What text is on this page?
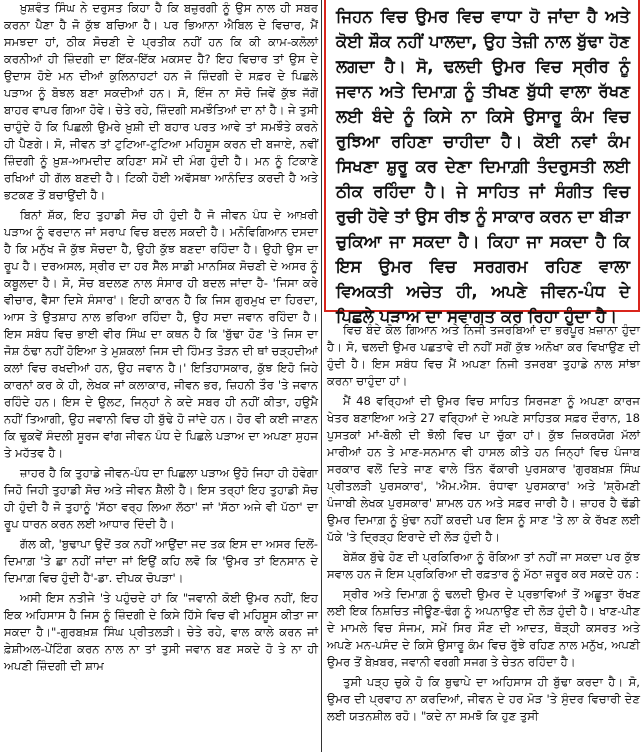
ਖ਼ੁਸ਼ਵੰਤ ਸਿੰਘ ਨੇ ਦਰੁਸਤ ਕਿਹਾ ਹੈ ਕਿ ਬਜ਼ੁਰਗੀ ਨੂੰ ਉਸ ਨਾਲ ਹੀ ਸਬਰ ਕਰਨਾ ਪੈਣਾ ਹੈ ਜੋ ਕੁੱਝ ਬਚਿਆ ਹੈ। ਪਰ ਭਿਆਨਾ ਐਬਿਲ ਦੇ ਵਿਚਾਰ, ਮੈਂ ਸਮਝਦਾ ਹਾਂ, ਠੀਕ ਸੋਚਣੀ ਦੇ ਪ੍ਰਤੀਕ ਨਹੀਂ ਹਨ ਕਿ ਕੀ ਕਾਮ-ਕਲੋਲਾਂ ਕਰਨੀਆਂ ਹੀ ਜ਼ਿੰਦਗੀ ਦਾ ਇੱਕ-ਇੱਕ ਮਕਸਦ ਹੈ? ਇਹ ਵਿਚਾਰ ਤਾਂ ਉਸ ਦੇ ਉਦਾਸ ਹੋਏ ਮਨ ਦੀਆਂ ਕੁਲਿਨਾਹਟਾਂ ਹਨ ਜੋ ਜ਼ਿੰਦਗੀ ਦੇ ਸਫ਼ਰ ਦੇ ਪਿਛਲੇ ਪੜਾਅ ਨੂੰ ਬੋਝਲ ਬਣਾ ਸਕਦੀਆਂ ਹਨ। ਸੋ, ਇੰਜ ਨਾ ਸੋਚੋ ਜਿਵੇਂ ਕੁੱਝ ਜੱਗੋਂ ਬਾਹਰ ਵਾਪਰ ਗਿਆ ਹੋਵੇ। ਚੇਤੇ ਰਹੇ, ਜ਼ਿੰਦਗੀ ਸਮਝੌਤਿਆਂ ਦਾ ਨਾਂ ਹੈ। ਜੇ ਤੁਸੀ ਚਾਹੁੰਦੇ ਹੋ ਕਿ ਪਿਛਲੀ ਉਮਰੇ ਖ਼ੁਸ਼ੀ ਦੀ ਬਹਾਰ ਪਰਤ ਆਵੇ ਤਾਂ ਸਮਝੌਤੇ ਕਰਨੇ ਹੀ ਪੈਣਗੇ। ਸੋ, ਜੀਵਨ ਤਾਂ ਟੁਟਿਆ-ਟੁਟਿਆ ਮਹਿਸੂਸ ਕਰਨ ਦੀ ਬਜਾਏ, ਨਵੀਂ ਜ਼ਿੰਦਗੀ ਨੂੰ ਖ਼ੁਸ਼-ਆਮਦੀਦ ਕਹਿਣਾ ਸਮੇਂ ਦੀ ਮੰਗ ਹੁੰਦੀ ਹੈ। ਮਨ ਨੂੰ ਟਿਕਾਣੇ ਰਖਿਆਂ ਹੀ ਗੱਲ ਬਣਦੀ ਹੈ। ਟਿਕੀ ਹੋਈ ਅਵੱਸਥਾ ਆਨੰਦਿਤ ਕਰਦੀ ਹੈ ਅਤੇ ਭਟਕਣ ਤੋਂ ਬਚਾਉਂਦੀ ਹੈ।

ਬਿਨਾਂ ਸ਼ੱਕ, ਇਹ ਤੁਹਾਡੀ ਸੋਚ ਹੀ ਹੁੰਦੀ ਹੈ ਜੋ ਜੀਵਨ ਪੰਧ ਦੇ ਆਖ਼ਰੀ ਪੜਾਅ ਨੂੰ ਵਰਦਾਨ ਜਾਂ ਸਰਾਪ ਵਿਚ ਬਦਲ ਸਕਦੀ ਹੈ। ਮਨੋਵਿਗਿਆਨ ਦਸਦਾ ਹੈ ਕਿ ਮਨੁੱਖ ਜੋ ਕੁੱਝ ਸੋਚਦਾ ਹੈ, ਉਹੀ ਕੁੱਝ ਬਣਦਾ ਰਹਿੰਦਾ ਹੈ। ਉਹੀ ਉਸ ਦਾ ਰੂਪ ਹੈ। ਦਰਅਸਲ, ਸ੍ਰੀਰ ਦਾ ਹਰ ਸੈੱਲ ਸਾਡੀ ਮਾਨਸਿਕ ਸੋਚਣੀ ਦੇ ਅਸਰ ਨੂੰ ਕਬੂਲਦਾ ਹੈ। ਸੋ, ਸੋਚ ਬਦਲਣ ਨਾਲ ਸੰਸਾਰ ਹੀ ਬਦਲ ਜਾਂਦਾ ਹੈ- 'ਜਿਸਾ ਕਰੇ ਵੀਚਾਰ, ਵੈਸਾ ਦਿਸੇ ਸੰਸਾਰ'। ਇਹੀ ਕਾਰਨ ਹੈ ਕਿ ਜਿਸ ਗੁਰਮੁਖ ਦਾ ਹਿਰਦਾ, ਆਸ ਤੇ ਉਤਸ਼ਾਹ ਨਾਲ ਭਰਿਆ ਰਹਿੰਦਾ ਹੈ, ਉਹ ਸਦਾ ਜਵਾਨ ਰਹਿੰਦਾ ਹੈ। ਇਸ ਸਬੰਧ ਵਿਚ ਭਾਈ ਵੀਰ ਸਿੰਘ ਦਾ ਕਥਨ ਹੈ ਕਿ 'ਬੁੱਢਾ ਹੋਣ 'ਤੇ ਜਿਸ ਦਾ ਜੋਸ਼ ਠੰਢਾ ਨਹੀਂ ਹੋਇਆ ਤੇ ਮੁਸ਼ਕਲਾਂ ਜਿਸ ਦੀ ਹਿੰਮਤ ਤੋੜਨ ਦੀ ਥਾਂ ਚੜ੍ਹਦੀਆਂ ਕਲਾਂ ਵਿਚ ਰਖਦੀਆਂ ਹਨ, ਉਹ ਜਵਾਨ ਹੈ।' ਇਤਿਹਾਸਕਾਰ, ਕੁੱਝ ਇਹੋ ਜਿਹੇ ਕਾਰਨਾਂ ਕਰ ਕੇ ਹੀ, ਲੇਖਕ ਜਾਂ ਕਲਾਕਾਰ, ਜੀਵਨ ਭਰ, ਜ਼ਿਹਨੀ ਤੌਰ 'ਤੇ ਜਵਾਨ ਰਹਿੰਦੇ ਹਨ। ਇਸ ਦੇ ਉਲਟ, ਜਿਨ੍ਹਾਂ ਨੇ ਕਦੇ ਸਬਰ ਹੀ ਨਹੀਂ ਕੀਤਾ, ਹਉਮੈ ਨਹੀਂ ਤਿਆਗੀ, ਉਹ ਜਵਾਨੀ ਵਿਚ ਹੀ ਬੁੱਢੇ ਹੋ ਜਾਂਦੇ ਹਨ। ਹੋਰ ਵੀ ਕਈ ਜਾਣਨ ਕਿ ਢੁਕਵੇਂ ਸੰਦਲੀ ਸੂਰਜ ਵਾਂਗ ਜੀਵਨ ਪੰਧ ਦੇ ਪਿਛਲੇ ਪੜਾਅ ਦਾ ਅਪਣਾ ਸੁਹਜ ਤੇ ਮਹੱਤਵ ਹੈ।

ਜ਼ਾਹਰ ਹੈ ਕਿ ਤੁਹਾਡੇ ਜੀਵਨ-ਪੰਧ ਦਾ ਪਿਛਲਾ ਪੜਾਅ ਉਹੋ ਜਿਹਾ ਹੀ ਹੋਵੇਗਾ ਜਿਹੋ ਜਿਹੀ ਤੁਹਾਡੀ ਸੋਚ ਅਤੇ ਜੀਵਨ ਸ਼ੈਲੀ ਹੈ। ਇਸ ਤਰ੍ਹਾਂ ਇਹ ਤੁਹਾਡੀ ਸੋਚ ਹੀ ਹੁੰਦੀ ਹੈ ਜੋ ਤੁਹਾਨੂੰ 'ਸੱਠਾ ਵਰ੍ਹ ਲਿਆ ਲੱਠਾ' ਜਾਂ 'ਸੱਠਾ ਅਜੇ ਵੀ ਪੱਠਾ' ਦਾ ਰੂਪ ਧਾਰਨ ਕਰਨ ਲਈ ਆਧਾਰ ਦਿੰਦੀ ਹੈ।

ਗੱਲ ਕੀ, 'ਬੁਢਾਪਾ ਉਦੋਂ ਤਕ ਨਹੀਂ ਆਉਂਦਾ ਜਦ ਤਕ ਇਸ ਦਾ ਅਸਰ ਦਿਲੋਂ-ਦਿਮਾਗ਼ 'ਤੇ ਛਾ ਨਹੀਂ ਜਾਂਦਾ ਜਾਂ ਇਉਂ ਕਹਿ ਲਵੋ ਕਿ 'ਉਮਰ ਤਾਂ ਇਨਸਾਨ ਦੇ ਦਿਮਾਗ਼ ਵਿਚ ਹੁੰਦੀ ਹੈ'-ਡਾ. ਦੀਪਕ ਚੋਪੜਾ'।

ਅਸੀ ਇਸ ਨਤੀਜੇ 'ਤੇ ਪਹੁੰਚਦੇ ਹਾਂ ਕਿ "ਜਵਾਨੀ ਕੋਈ ਉਮਰ ਨਹੀਂ, ਇਹ ਇਕ ਅਹਿਸਾਸ ਹੈ ਜਿਸ ਨੂੰ ਜ਼ਿੰਦਗੀ ਦੇ ਕਿਸੇ ਹਿੱਸੇ ਵਿਚ ਵੀ ਮਹਿਸੂਸ ਕੀਤਾ ਜਾ ਸਕਦਾ ਹੈ।"-ਗੁਰਬਖ਼ਸ਼ ਸਿੰਘ ਪ੍ਰੀਤਲੜੀ। ਚੇਤੇ ਰਹੇ, ਵਾਲ ਕਾਲੇ ਕਰਨ ਜਾਂ ਫ਼ੇਸ਼ੀਅਲ-ਪੇਂਟਿੰਗ ਕਰਨ ਨਾਲ ਨਾ ਤਾਂ ਤੁਸੀ ਜਵਾਨ ਬਣ ਸਕਦੇ ਹੋ ਤੇ ਨਾ ਹੀ ਅਪਣੀ ਜ਼ਿੰਦਗੀ ਦੀ ਸ਼ਾਮ

ਜਿਹਨ ਵਿਚ ਉਮਰ ਵਿਚ ਵਾਧਾ ਹੋ ਜਾਂਦਾ ਹੈ ਅਤੇ ਕੋਈ ਸ਼ੌਕ ਨਹੀਂ ਪਾਲਦਾ, ਉਹ ਤੇਜ਼ੀ ਨਾਲ ਬੁੱਢਾ ਹੋਣ ਲਗਦਾ ਹੈ। ਸੋ, ਢਲਦੀ ਉਮਰ ਵਿਚ ਸ੍ਰੀਰ ਨੂੰ ਜਵਾਨ ਅਤੇ ਦਿਮਾਗ਼ ਨੂੰ ਤੀਖਣ ਬੁੱਧੀ ਵਾਲਾ ਰੱਖਣ ਲਈ ਬੰਦੇ ਨੂੰ ਕਿਸੇ ਨਾ ਕਿਸੇ ਉਸਾਰੂ ਕੰਮ ਵਿਚ ਰੁਝਿਆ ਰਹਿਣਾ ਚਾਹੀਦਾ ਹੈ। ਕੋਈ ਨਵਾਂ ਕੰਮ ਸਿਖਣਾ ਸ਼ੁਰੂ ਕਰ ਦੇਣਾ ਦਿਮਾਗ਼ੀ ਤੰਦਰੁਸਤੀ ਲਈ ਠੀਕ ਰਹਿੰਦਾ ਹੈ। ਜੇ ਸਾਹਿਤ ਜਾਂ ਸੰਗੀਤ ਵਿਚ ਰੁਚੀ ਹੋਵੇ ਤਾਂ ਉਸ ਰੀਝ ਨੂੰ ਸਾਕਾਰ ਕਰਨ ਦਾ ਬੀੜਾ ਚੁਕਿਆ ਜਾ ਸਕਦਾ ਹੈ। ਕਿਹਾ ਜਾ ਸਕਦਾ ਹੈ ਕਿ ਇਸ ਉਮਰ ਵਿਚ ਸਰਗਰਮ ਰਹਿਣ ਵਾਲਾ ਵਿਅਕਤੀ ਅਚੇਤ ਹੀ, ਅਪਣੇ ਜੀਵਨ-ਪੰਧ ਦੇ ਪਿਛਲੇ ਪੜਾਅ ਦਾ ਸਵਾਗਤ ਕਰ ਰਿਹਾ ਹੁੰਦਾ ਹੈ।

ਵਿਚ ਬੰਦੇ ਕੋਲ ਗਿਆਨ ਅਤੇ ਨਿਜੀ ਤਜਰਬਿਆਂ ਦਾ ਭਰਪੂਰ ਖ਼ਜ਼ਾਨਾ ਹੁੰਦਾ ਹੈ। ਸੋ, ਢਲਦੀ ਉਮਰ ਪਛਤਾਵੇ ਦੀ ਨਹੀਂ ਸਗੋਂ ਕੁੱਝ ਅਨੋਖਾ ਕਰ ਵਿਖਾਉਣ ਦੀ ਹੁੰਦੀ ਹੈ। ਇਸ ਸਬੰਧ ਵਿਚ ਮੈਂ ਅਪਣਾ ਨਿਜੀ ਤਜਰਬਾ ਤੁਹਾਡੇ ਨਾਲ ਸਾਂਝਾ ਕਰਨਾ ਚਾਹੁੰਦਾ ਹਾਂ।

ਮੈਂ 48 ਵਰ੍ਹਿਆਂ ਦੀ ਉਮਰ ਵਿਚ ਸਾਹਿਤ ਸਿਰਜਣਾ ਨੂੰ ਅਪਣਾ ਕਾਰਜ ਖੇਤਰ ਬਣਾਇਆ ਅਤੇ 27 ਵਰ੍ਹਿਆਂ ਦੇ ਅਪਣੇ ਸਾਹਿਤਕ ਸਫ਼ਰ ਦੌਰਾਨ, 18 ਪੁਸਤਕਾਂ ਮਾਂ-ਬੋਲੀ ਦੀ ਝੋਲੀ ਵਿਚ ਪਾ ਚੁੱਕਾ ਹਾਂ। ਕੁੱਝ ਜ਼ਿਕਰਯੋਗ ਮੱਲਾਂ ਮਾਰੀਆਂ ਹਨ ਤੇ ਮਾਣ-ਸਨਮਾਨ ਵੀ ਹਾਸਲ ਕੀਤੇ ਹਨ ਜਿਨ੍ਹਾਂ ਵਿਚ ਪੰਜਾਬ ਸਰਕਾਰ ਵਲੋਂ ਦਿਤੇ ਜਾਣ ਵਾਲੇ ਤਿੰਨ ਵੱਕਾਰੀ ਪੁਰਸਕਾਰ 'ਗੁਰਬਖ਼ਸ਼ ਸਿੰਘ ਪ੍ਰੀਤਲੜੀ ਪੁਰਸਕਾਰ', 'ਐਮ.ਐਸ. ਰੰਧਾਵਾ ਪੁਰਸਕਾਰ' ਅਤੇ 'ਸ਼੍ਰੋਮਣੀ ਪੰਜਾਬੀ ਲੇਖਕ ਪੁਰਸਕਾਰ' ਸ਼ਾਮਲ ਹਨ ਅਤੇ ਸਫ਼ਰ ਜਾਰੀ ਹੈ। ਜ਼ਾਹਰ ਹੈ ਢੱਡੀ ਉਮਰ ਦਿਮਾਗ਼ ਨੂੰ ਖੁੰਢਾ ਨਹੀਂ ਕਰਦੀ ਪਰ ਇਸ ਨੂੰ ਸਾਣ 'ਤੇ ਲਾ ਕੇ ਰੱਖਣ ਲਈ ਪੱਕੇ 'ਤੇ ਦ੍ਰਿੜ੍ਹ ਇਰਾਦੇ ਦੀ ਲੋੜ ਹੁੰਦੀ ਹੈ।

ਬੇਸ਼ੱਕ ਬੁੱਢੇ ਹੋਣ ਦੀ ਪ੍ਰਕਿਰਿਆ ਨੂੰ ਰੋਕਿਆ ਤਾਂ ਨਹੀਂ ਜਾ ਸਕਦਾ ਪਰ ਕੁੱਝ ਸਵਾਲ ਹਨ ਜੋ ਇਸ ਪ੍ਰਕਿਰਿਆ ਦੀ ਰਫ਼ਤਾਰ ਨੂੰ ਮੱਠਾ ਜ਼ਰੂਰ ਕਰ ਸਕਦੇ ਹਨ :

ਸ੍ਰੀਰ ਅਤੇ ਦਿਮਾਗ਼ ਨੂੰ ਢਲਦੀ ਉਮਰ ਦੇ ਪ੍ਰਭਾਵਿਆਂ ਤੋਂ ਅਛੂਤਾ ਰੱਖਣ ਲਈ ਇਕ ਨਿਸ਼ਚਿਤ ਜੀਊਣ-ਢੰਗ ਨੂੰ ਅਪਨਾਉਣ ਦੀ ਲੋੜ ਹੁੰਦੀ ਹੈ। ਖਾਣ-ਪੀਣ ਦੇ ਮਾਮਲੇ ਵਿਚ ਸੰਜਮ, ਸਮੇਂ ਸਿਰ ਸੌਣ ਦੀ ਆਦਤ, ਥੋੜ੍ਹੀ ਕਸਰਤ ਅਤੇ ਅਪਣੇ ਮਨ-ਪਸੰਦ ਦੇ ਕਿਸੇ ਉਸਾਰੂ ਕੰਮ ਵਿਚ ਰੁੱਝੇ ਰਹਿਣ ਨਾਲ ਮਨੁੱਖ, ਅਪਣੀ ਉਮਰ ਤੋਂ ਬੇਖ਼ਬਰ, ਜਵਾਨੀ ਵਰਗੀ ਸਜਗ ਤੇ ਚੇਤਨ ਰਹਿੰਦਾ ਹੈ।

ਤੁਸੀ ਪੜ੍ਹ ਚੁਕੇ ਹੋ ਕਿ ਬੁਢਾਪੇ ਦਾ ਅਹਿਸਾਸ ਹੀ ਬੁੱਢਾ ਕਰਦਾ ਹੈ। ਸੋ, ਉਮਰ ਦੀ ਪ੍ਰਵਾਹ ਨਾ ਕਰਦਿਆਂ, ਜੀਵਨ ਦੇ ਹਰ ਮੋੜ 'ਤੇ ਸੁੰਦਰ ਵਿਚਾਰੀ ਦੇਣ ਲਈ ਯਤਨਸ਼ੀਲ ਰਹੋ। "ਕਦੇ ਨਾ ਸਮਝੋ ਕਿ ਹੁਣ ਤੁਸੀ
